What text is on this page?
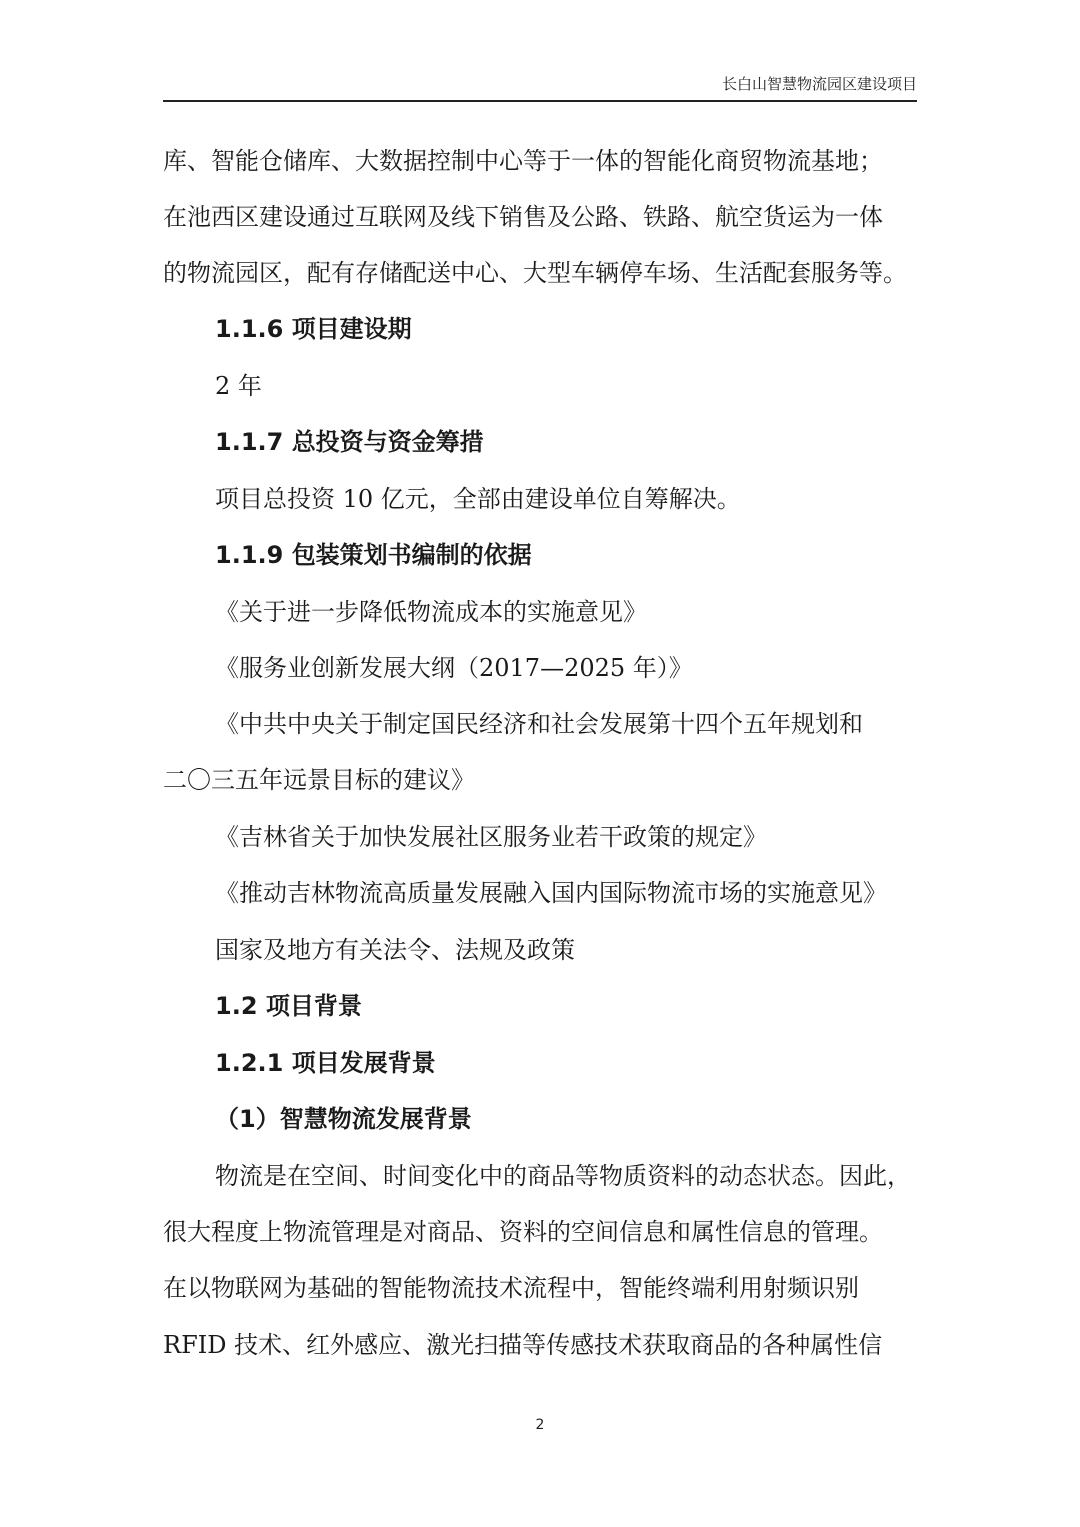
长白山智慧物流园区建设项目
库、智能仓储库、大数据控制中心等于一体的智能化商贸物流基地；
在池西区建设通过互联网及线下销售及公路、铁路、航空货运为一体
的物流园区，配有存储配送中心、大型车辆停车场、生活配套服务等。
1.1.6 项目建设期
2 年
1.1.7 总投资与资金筹措
项目总投资 10 亿元，全部由建设单位自筹解决。
1.1.9 包装策划书编制的依据
《关于进一步降低物流成本的实施意见》
《服务业创新发展大纲（2017—2025 年）》
《中共中央关于制定国民经济和社会发展第十四个五年规划和
二〇三五年远景目标的建议》
《吉林省关于加快发展社区服务业若干政策的规定》
《推动吉林物流高质量发展融入国内国际物流市场的实施意见》
国家及地方有关法令、法规及政策
1.2 项目背景
1.2.1 项目发展背景
（1）智慧物流发展背景
物流是在空间、时间变化中的商品等物质资料的动态状态。因此，
很大程度上物流管理是对商品、资料的空间信息和属性信息的管理。
在以物联网为基础的智能物流技术流程中，智能终端利用射频识别
RFID 技术、红外感应、激光扫描等传感技术获取商品的各种属性信
2
